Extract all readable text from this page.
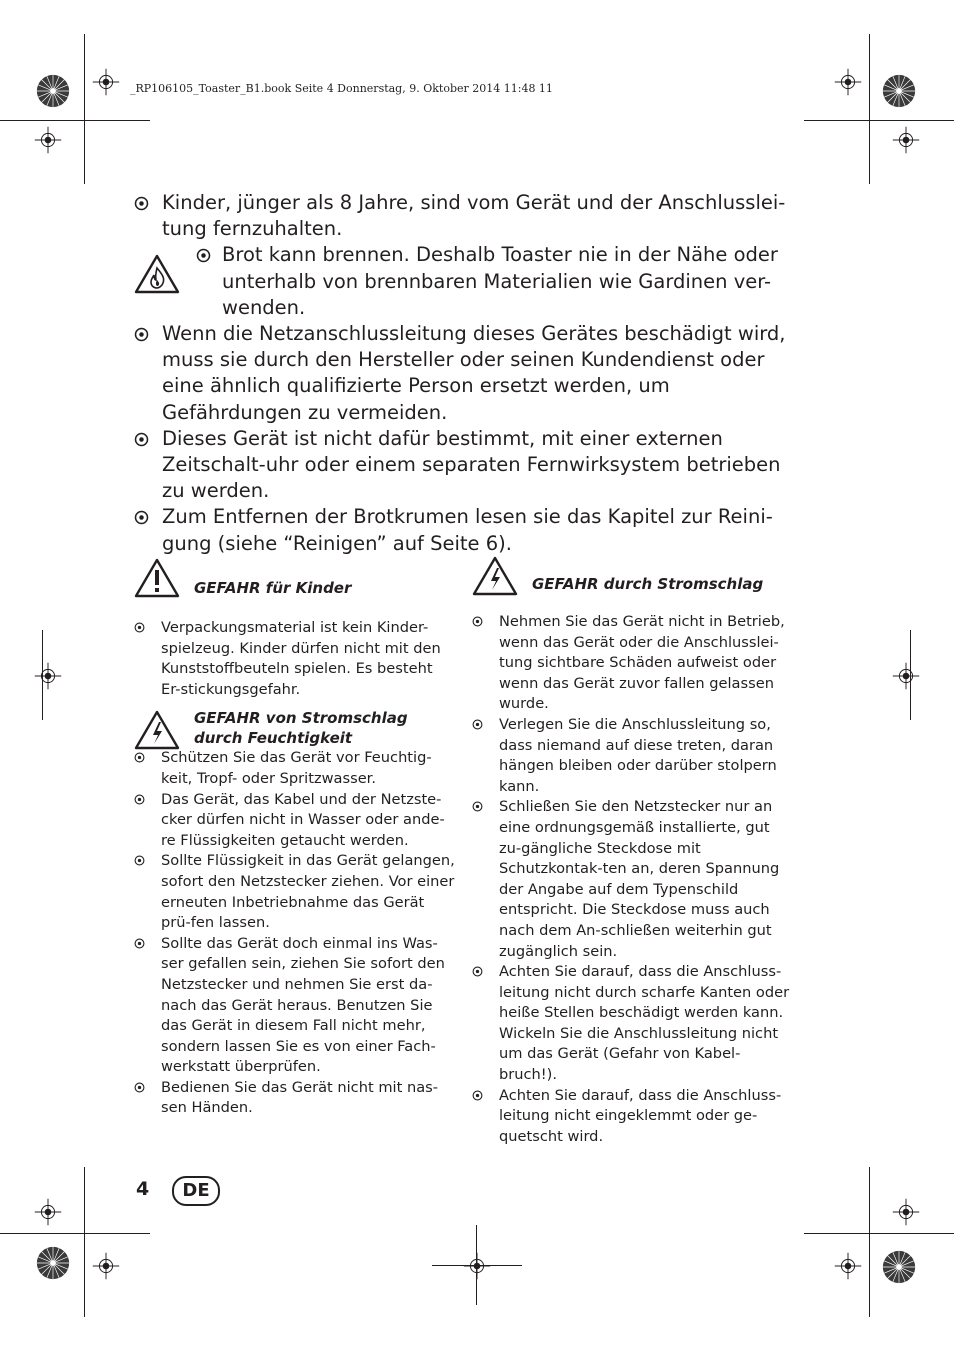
_RP106105_Toaster_B1.book Seite 4 Donnerstag, 9. Oktober 2014 11:48 11
Kinder, jünger als 8 Jahre, sind vom Gerät und der Anschlusslei-tung fernzuhalten.
Brot kann brennen. Deshalb Toaster nie in der Nähe oder unterhalb von brennbaren Materialien wie Gardinen ver-wenden.
Wenn die Netzanschlussleitung dieses Gerätes beschädigt wird, muss sie durch den Hersteller oder seinen Kundendienst oder eine ähnlich qualifizierte Person ersetzt werden, um Gefährdungen zu vermeiden.
Dieses Gerät ist nicht dafür bestimmt, mit einer externen Zeitschalt-uhr oder einem separaten Fernwirksystem betrieben zu werden.
Zum Entfernen der Brotkrumen lesen sie das Kapitel zur Reini-gung (siehe “Reinigen” auf Seite 6).
GEFAHR für Kinder
Verpackungsmaterial ist kein Kinder-spielzeug. Kinder dürfen nicht mit den Kunststoffbeuteln spielen. Es besteht Er-stickungsgefahr.
GEFAHR von Stromschlag durch Feuchtigkeit
Schützen Sie das Gerät vor Feuchtig-keit, Tropf- oder Spritzwasser.
Das Gerät, das Kabel und der Netzste-cker dürfen nicht in Wasser oder ande-re Flüssigkeiten getaucht werden.
Sollte Flüssigkeit in das Gerät gelangen, sofort den Netzstecker ziehen. Vor einer erneuten Inbetriebnahme das Gerät prü-fen lassen.
Sollte das Gerät doch einmal ins Was-ser gefallen sein, ziehen Sie sofort den Netzstecker und nehmen Sie erst da-nach das Gerät heraus. Benutzen Sie das Gerät in diesem Fall nicht mehr, sondern lassen Sie es von einer Fach-werkstatt überprüfen.
Bedienen Sie das Gerät nicht mit nas-sen Händen.
GEFAHR durch Stromschlag
Nehmen Sie das Gerät nicht in Betrieb, wenn das Gerät oder die Anschlusslei-tung sichtbare Schäden aufweist oder wenn das Gerät zuvor fallen gelassen wurde.
Verlegen Sie die Anschlussleitung so, dass niemand auf diese treten, daran hängen bleiben oder darüber stolpern kann.
Schließen Sie den Netzstecker nur an eine ordnungsgemäß installierte, gut zu-gängliche Steckdose mit Schutzkontak-ten an, deren Spannung der Angabe auf dem Typenschild entspricht. Die Steckdose muss auch nach dem An-schließen weiterhin gut zugänglich sein.
Achten Sie darauf, dass die Anschluss-leitung nicht durch scharfe Kanten oder heiße Stellen beschädigt werden kann. Wickeln Sie die Anschlussleitung nicht um das Gerät (Gefahr von Kabel-bruch!).
Achten Sie darauf, dass die Anschluss-leitung nicht eingeklemmt oder ge-quetscht wird.
4	DE
